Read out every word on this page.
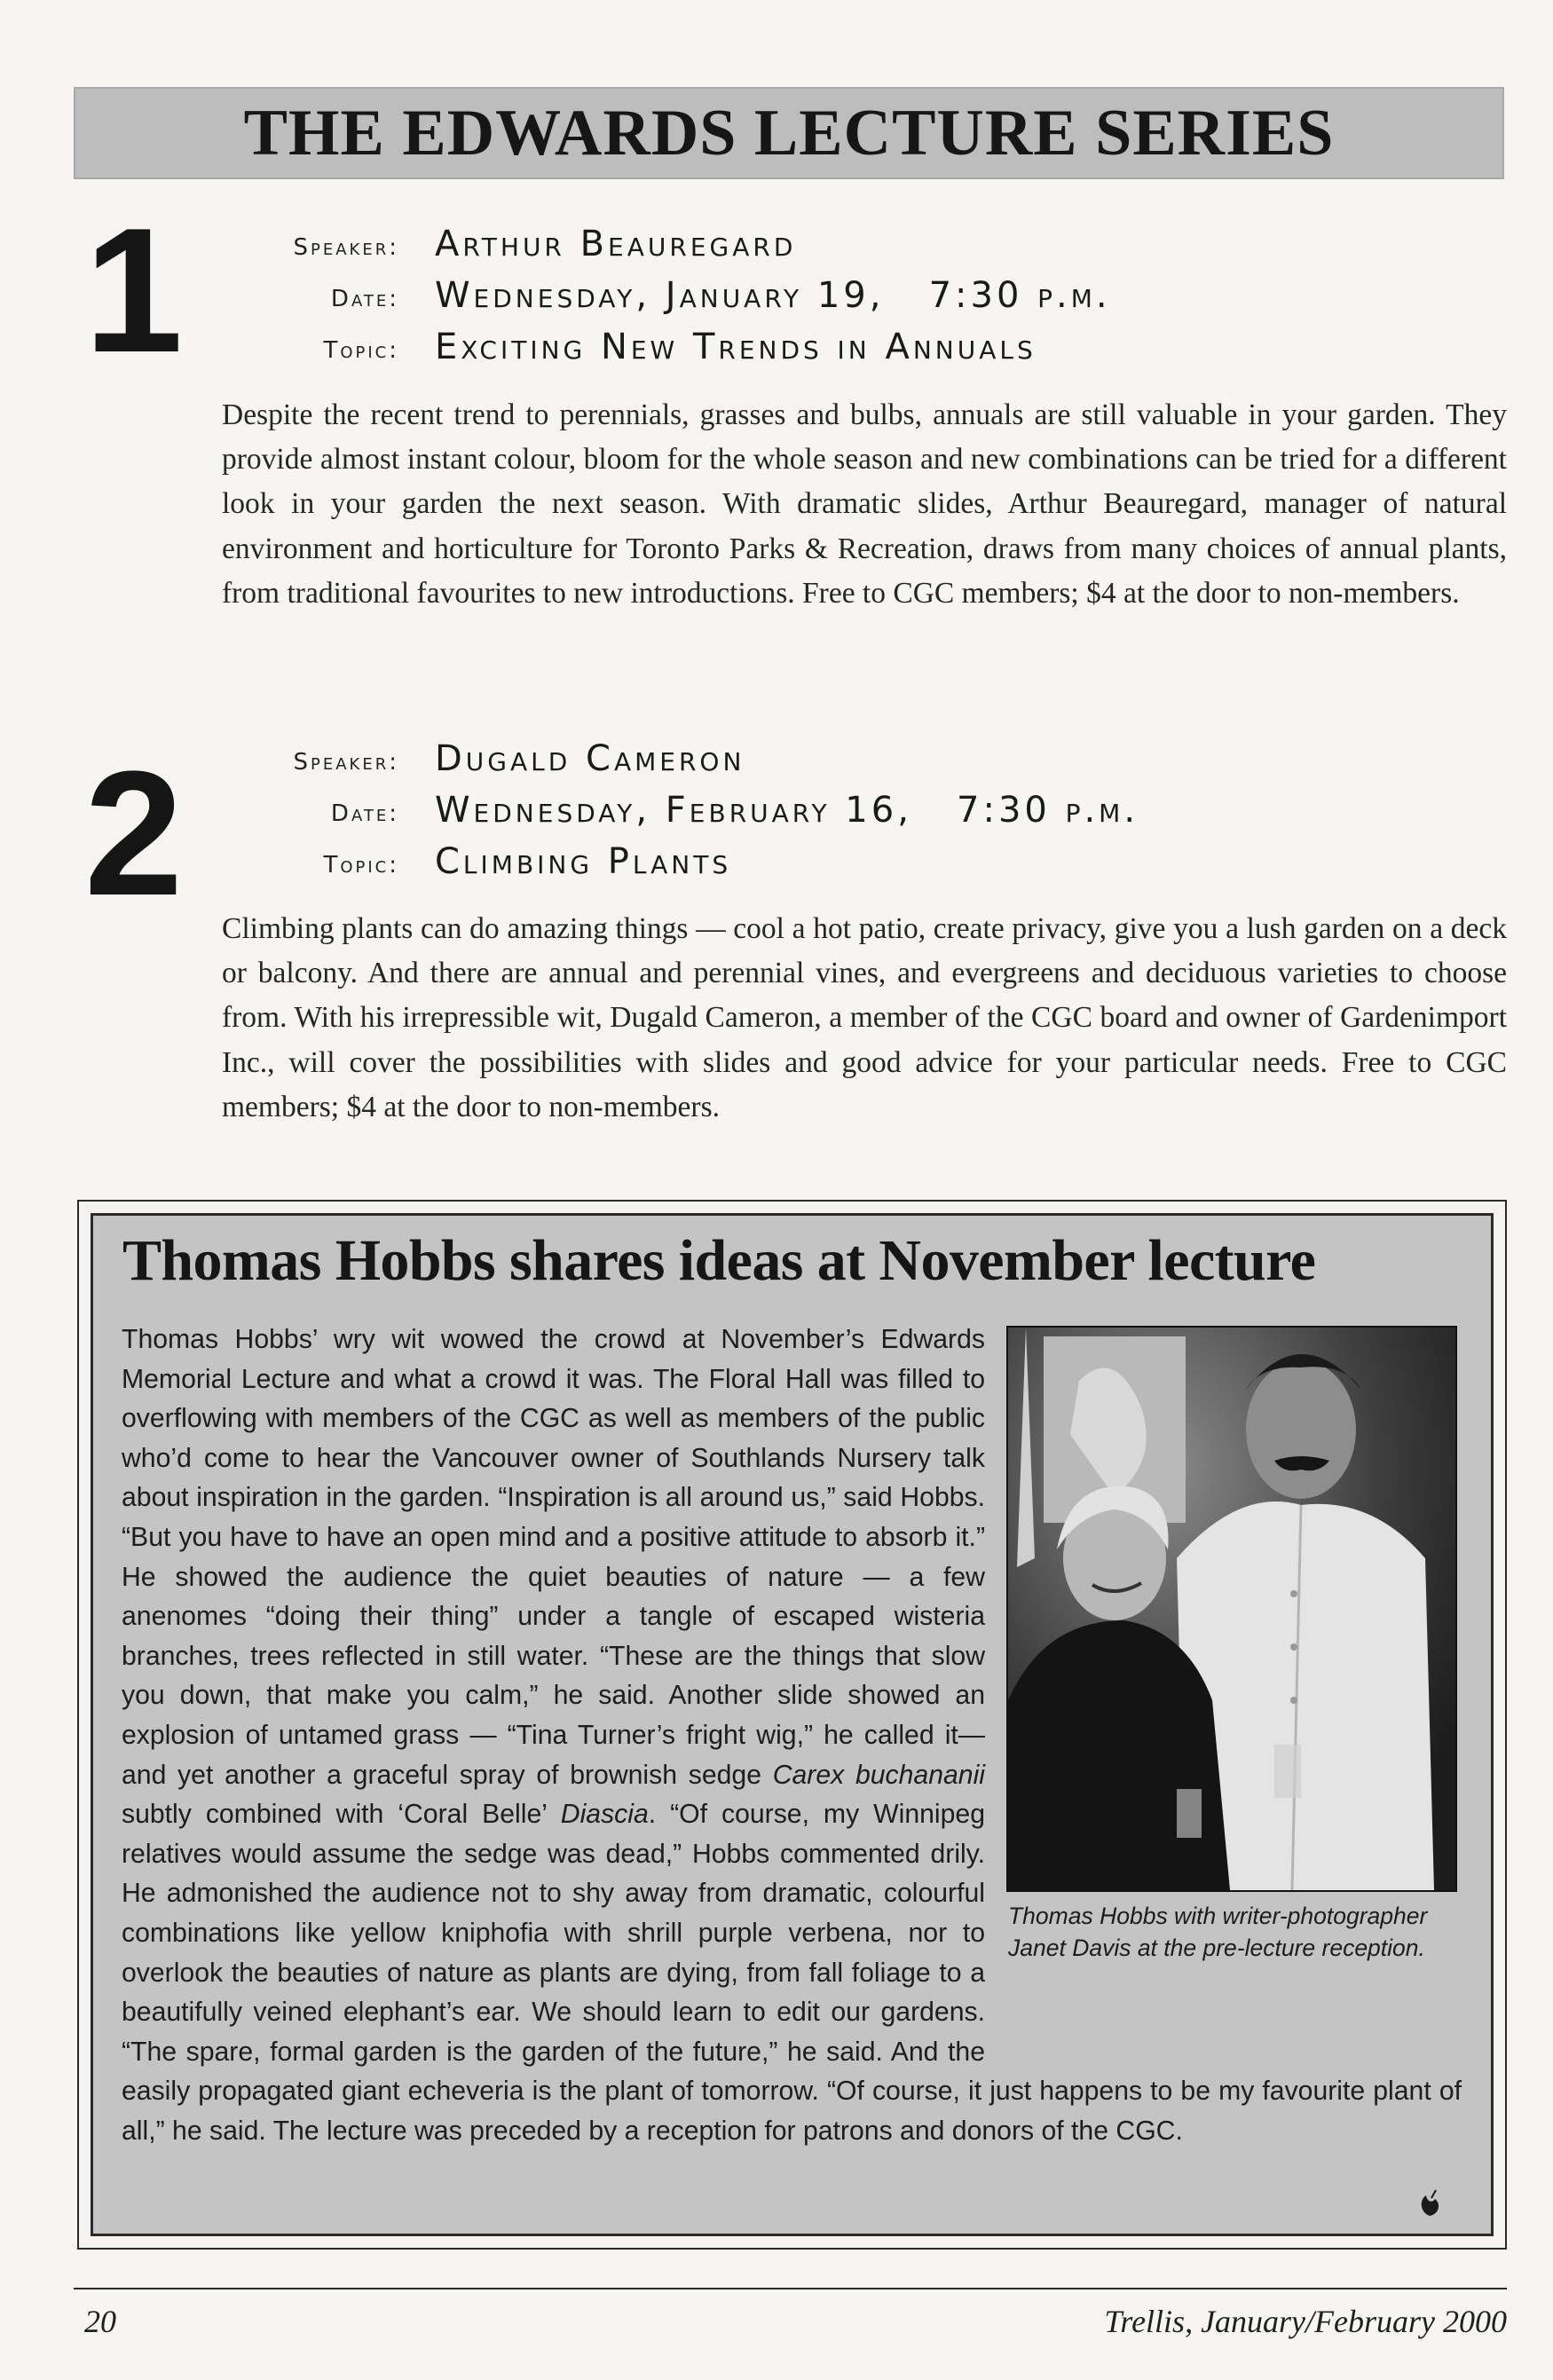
THE EDWARDS LECTURE SERIES
1	Speaker: Arthur Beauregard
Date: Wednesday, January 19,   7:30 p.m.
Topic: Exciting New Trends in Annuals

Despite the recent trend to perennials, grasses and bulbs, annuals are still valuable in your garden. They provide almost instant colour, bloom for the whole season and new combinations can be tried for a different look in your garden the next season. With dramatic slides, Arthur Beauregard, manager of natural environment and horticulture for Toronto Parks & Recreation, draws from many choices of annual plants, from traditional favourites to new introductions. Free to CGC members; $4 at the door to non-members.

2	Speaker: Dugald Cameron
Date: Wednesday, February 16,   7:30 p.m.
Topic: Climbing Plants

Climbing plants can do amazing things — cool a hot patio, create privacy, give you a lush garden on a deck or balcony. And there are annual and perennial vines, and evergreens and deciduous varieties to choose from. With his irrepressible wit, Dugald Cameron, a member of the CGC board and owner of Gardenimport Inc., will cover the possibilities with slides and good advice for your particular needs. Free to CGC members; $4 at the door to non-members.

Thomas Hobbs shares ideas at November lecture
Thomas Hobbs with writer-photographer Janet Davis at the pre-lecture reception.
Thomas Hobbs’ wry wit wowed the crowd at November’s Edwards Memorial Lecture and what a crowd it was. The Floral Hall was filled to overflowing with members of the CGC as well as members of the public who’d come to hear the Vancouver owner of Southlands Nursery talk about inspiration in the garden. “Inspiration is all around us,” said Hobbs. “But you have to have an open mind and a positive attitude to absorb it.” He showed the audience the quiet beauties of nature — a few anenomes “doing their thing” under a tangle of escaped wisteria branches, trees reflected in still water. “These are the things that slow you down, that make you calm,” he said. Another slide showed an explosion of untamed grass — “Tina Turner’s fright wig,” he called it—and yet another a graceful spray of brownish sedge Carex buchananii subtly combined with ‘Coral Belle’ Diascia. “Of course, my Winnipeg relatives would assume the sedge was dead,” Hobbs commented drily. He admonished the audience not to shy away from dramatic, colourful combinations like yellow kniphofia with shrill purple verbena, nor to overlook the beauties of nature as plants are dying, from fall foliage to a beautifully veined elephant’s ear. We should learn to edit our gardens. “The spare, formal garden is the garden of the future,” he said. And the easily propagated giant echeveria is the plant of tomorrow. “Of course, it just happens to be my favourite plant of all,” he said. The lecture was preceded by a reception for patrons and donors of the CGC.
20	Trellis, January/February 2000
